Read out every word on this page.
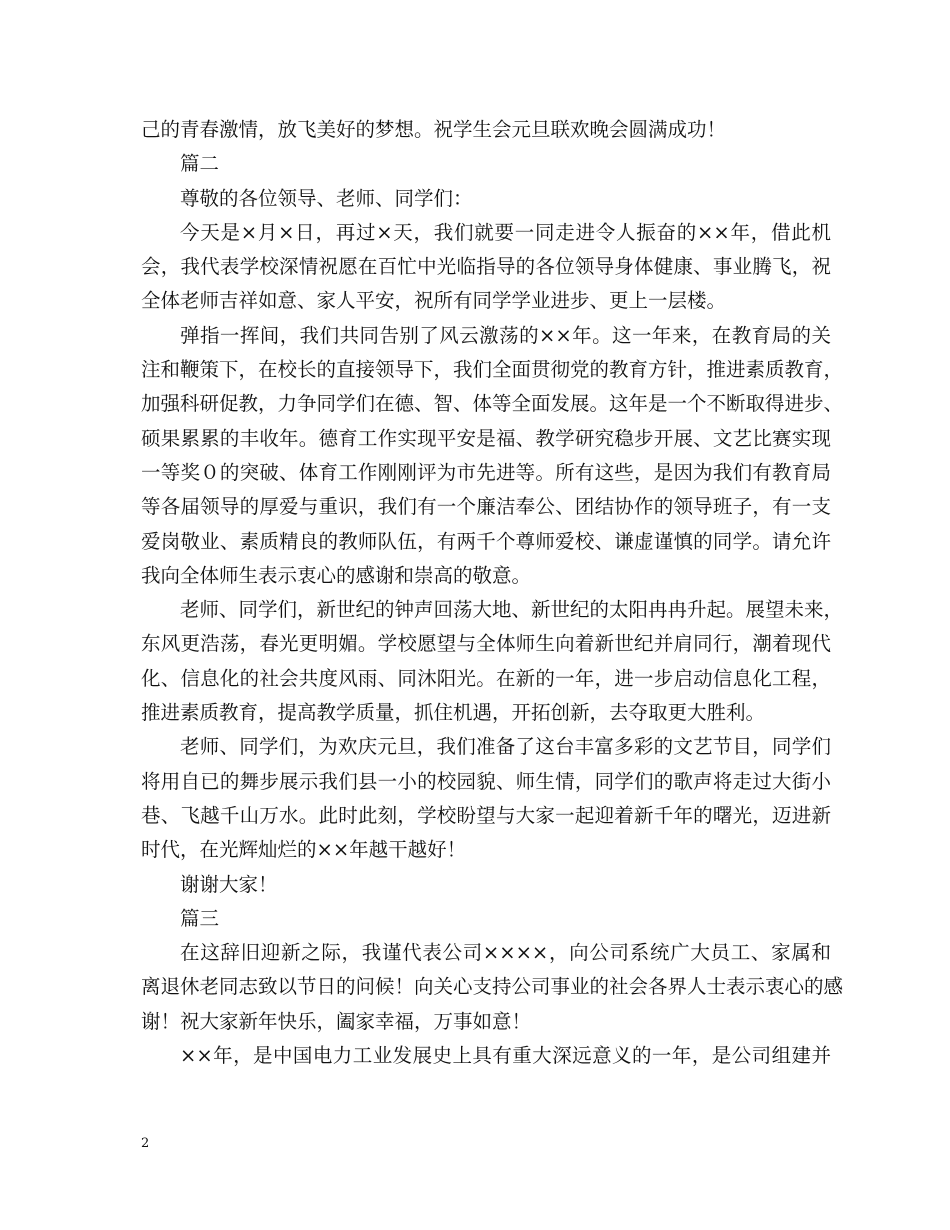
己的青春激情，放飞美好的梦想。祝学生会元旦联欢晚会圆满成功！
篇二
尊敬的各位领导、老师、同学们：
今天是×月×日，再过×天，我们就要一同走进令人振奋的××年，借此机
会，我代表学校深情祝愿在百忙中光临指导的各位领导身体健康、事业腾飞，祝
全体老师吉祥如意、家人平安，祝所有同学学业进步、更上一层楼。
弹指一挥间，我们共同告别了风云激荡的××年。这一年来，在教育局的关
注和鞭策下，在校长的直接领导下，我们全面贯彻党的教育方针，推进素质教育，
加强科研促教，力争同学们在德、智、体等全面发展。这年是一个不断取得进步、
硕果累累的丰收年。德育工作实现平安是福、教学研究稳步开展、文艺比赛实现
一等奖０的突破、体育工作刚刚评为市先进等。所有这些，是因为我们有教育局
等各届领导的厚爱与重识，我们有一个廉洁奉公、团结协作的领导班子，有一支
爱岗敬业、素质精良的教师队伍，有两千个尊师爱校、谦虚谨慎的同学。请允许
我向全体师生表示衷心的感谢和崇高的敬意。
老师、同学们，新世纪的钟声回荡大地、新世纪的太阳冉冉升起。展望未来，
东风更浩荡，春光更明媚。学校愿望与全体师生向着新世纪并肩同行，潮着现代
化、信息化的社会共度风雨、同沐阳光。在新的一年，进一步启动信息化工程，
推进素质教育，提高教学质量，抓住机遇，开拓创新，去夺取更大胜利。
老师、同学们，为欢庆元旦，我们准备了这台丰富多彩的文艺节目，同学们
将用自已的舞步展示我们县一小的校园貌、师生情，同学们的歌声将走过大街小
巷、飞越千山万水。此时此刻，学校盼望与大家一起迎着新千年的曙光，迈进新
时代，在光辉灿烂的××年越干越好！
谢谢大家！
篇三
在这辞旧迎新之际，我谨代表公司××××，向公司系统广大员工、家属和
离退休老同志致以节日的问候！向关心支持公司事业的社会各界人士表示衷心的感
谢！祝大家新年快乐，阖家幸福，万事如意！
××年，是中国电力工业发展史上具有重大深远意义的一年，是公司组建并
2
